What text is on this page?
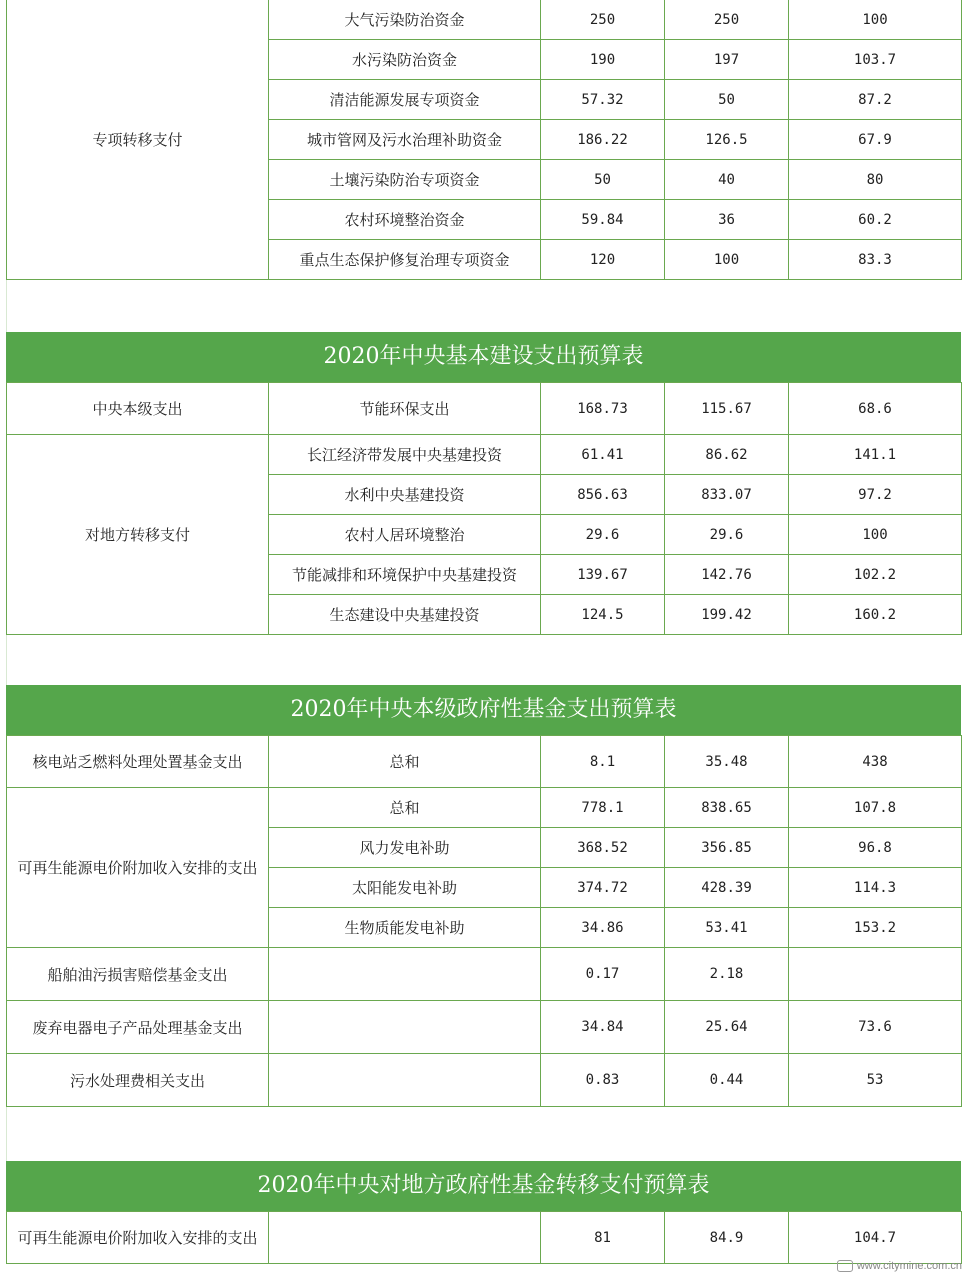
专项转移支付	大气污染防治资金	250	250	100
	水污染防治资金	190	197	103.7
	清洁能源发展专项资金	57.32	50	87.2
	城市管网及污水治理补助资金	186.22	126.5	67.9
	土壤污染防治专项资金	50	40	80
	农村环境整治资金	59.84	36	60.2
	重点生态保护修复治理专项资金	120	100	83.3
2020年中央基本建设支出预算表
中央本级支出	节能环保支出	168.73	115.67	68.6
对地方转移支付	长江经济带发展中央基建投资	61.41	86.62	141.1
	水利中央基建投资	856.63	833.07	97.2
	农村人居环境整治	29.6	29.6	100
	节能减排和环境保护中央基建投资	139.67	142.76	102.2
	生态建设中央基建投资	124.5	199.42	160.2
2020年中央本级政府性基金支出预算表
核电站乏燃料处理处置基金支出	总和	8.1	35.48	438
可再生能源电价附加收入安排的支出	总和	778.1	838.65	107.8
	风力发电补助	368.52	356.85	96.8
	太阳能发电补助	374.72	428.39	114.3
	生物质能发电补助	34.86	53.41	153.2
船舶油污损害赔偿基金支出		0.17	2.18	
废弃电器电子产品处理基金支出		34.84	25.64	73.6
污水处理费相关支出		0.83	0.44	53
2020年中央对地方政府性基金转移支付预算表
可再生能源电价附加收入安排的支出		81	84.9	104.7
www.citymine.com.cn
